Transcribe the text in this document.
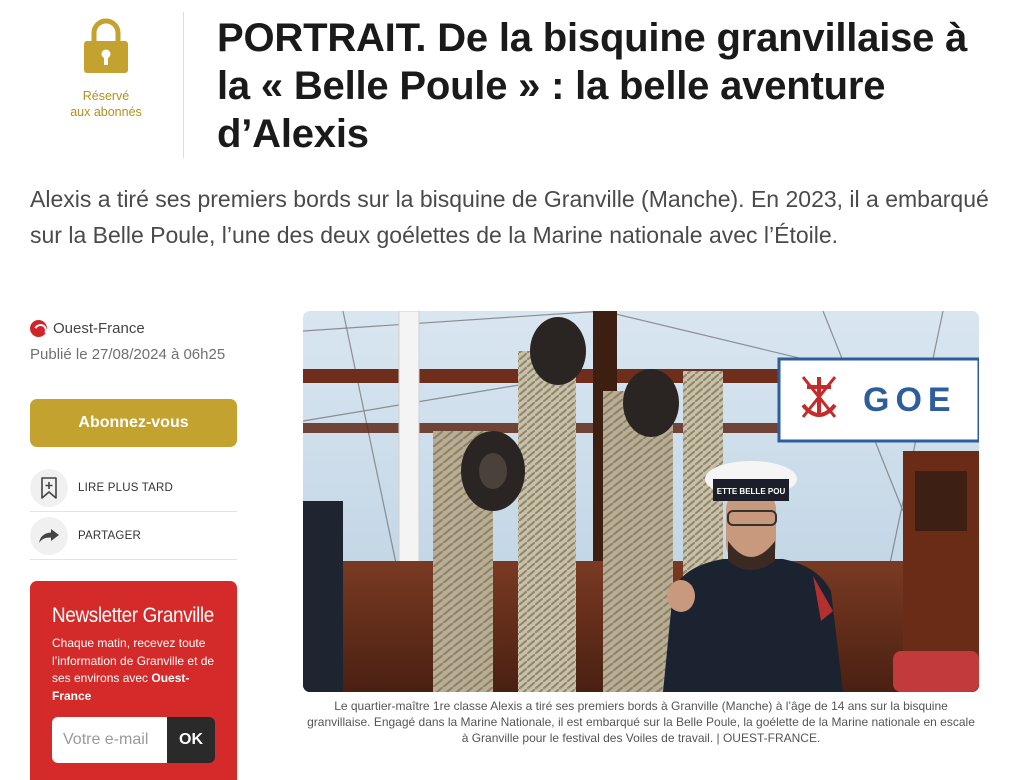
Réservé
aux abonnés
PORTRAIT. De la bisquine granvillaise à la « Belle Poule » : la belle aventure d’Alexis

Alexis a tiré ses premiers bords sur la bisquine de Granville (Manche). En 2023, il a embarqué sur la Belle Poule, l’une des deux goélettes de la Marine nationale avec l’Étoile.

Ouest-France
Publié le 27/08/2024 à 06h25
Abonnez-vous
LIRE PLUS TARD
PARTAGER
Newsletter Granville

Chaque matin, recevez toute l’information de Granville et de ses environs avec Ouest-France

Votre e-mail
OK
GOE
ETTE BELLE POU

Le quartier-maître 1re classe Alexis a tiré ses premiers bords à Granville (Manche) à l’âge de 14 ans sur la bisquine granvillaise. Engagé dans la Marine Nationale, il est embarqué sur la Belle Poule, la goélette de la Marine nationale en escale à Granville pour le festival des Voiles de travail. | OUEST-FRANCE.
